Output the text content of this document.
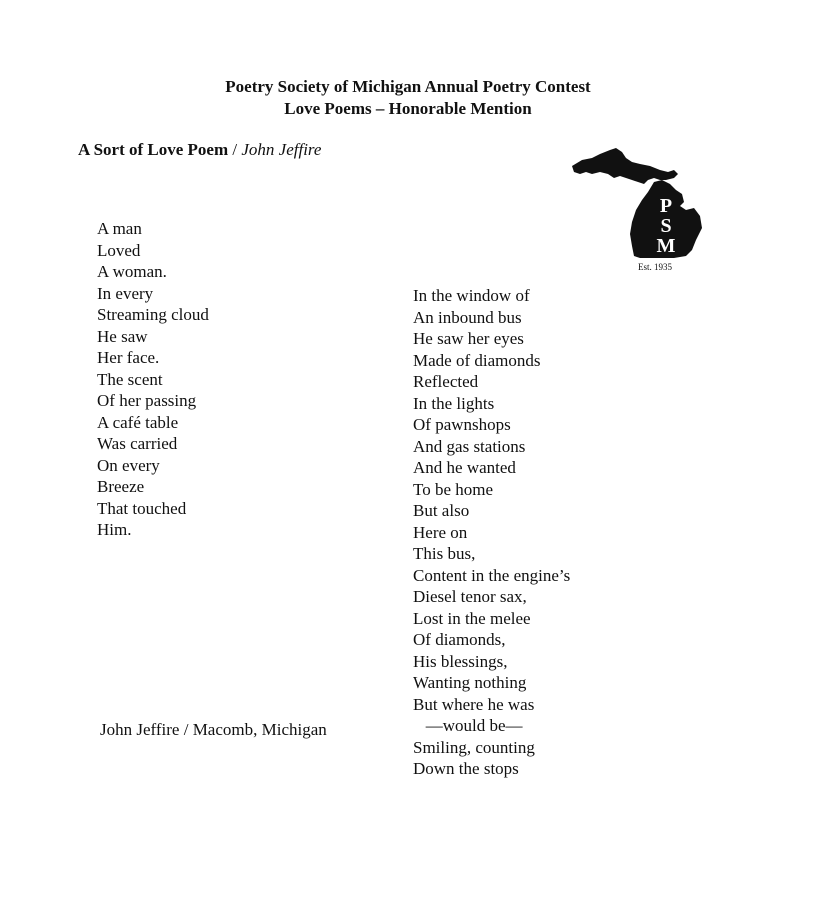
Poetry Society of Michigan Annual Poetry Contest
Love Poems – Honorable Mention
A Sort of Love Poem / John Jeffire
A man
Loved
A woman.
In every
Streaming cloud
He saw
Her face.
The scent
Of her passing
A café table
Was carried
On every
Breeze
That touched
Him.
In the window of
An inbound bus
He saw her eyes
Made of diamonds
Reflected
In the lights
Of pawnshops
And gas stations
And he wanted
To be home
But also
Here on
This bus,
Content in the engine’s
Diesel tenor sax,
Lost in the melee
Of diamonds,
His blessings,
Wanting nothing
But where he was
—would be—
Smiling, counting
Down the stops
John Jeffire / Macomb, Michigan
P
S
M
Est. 1935
